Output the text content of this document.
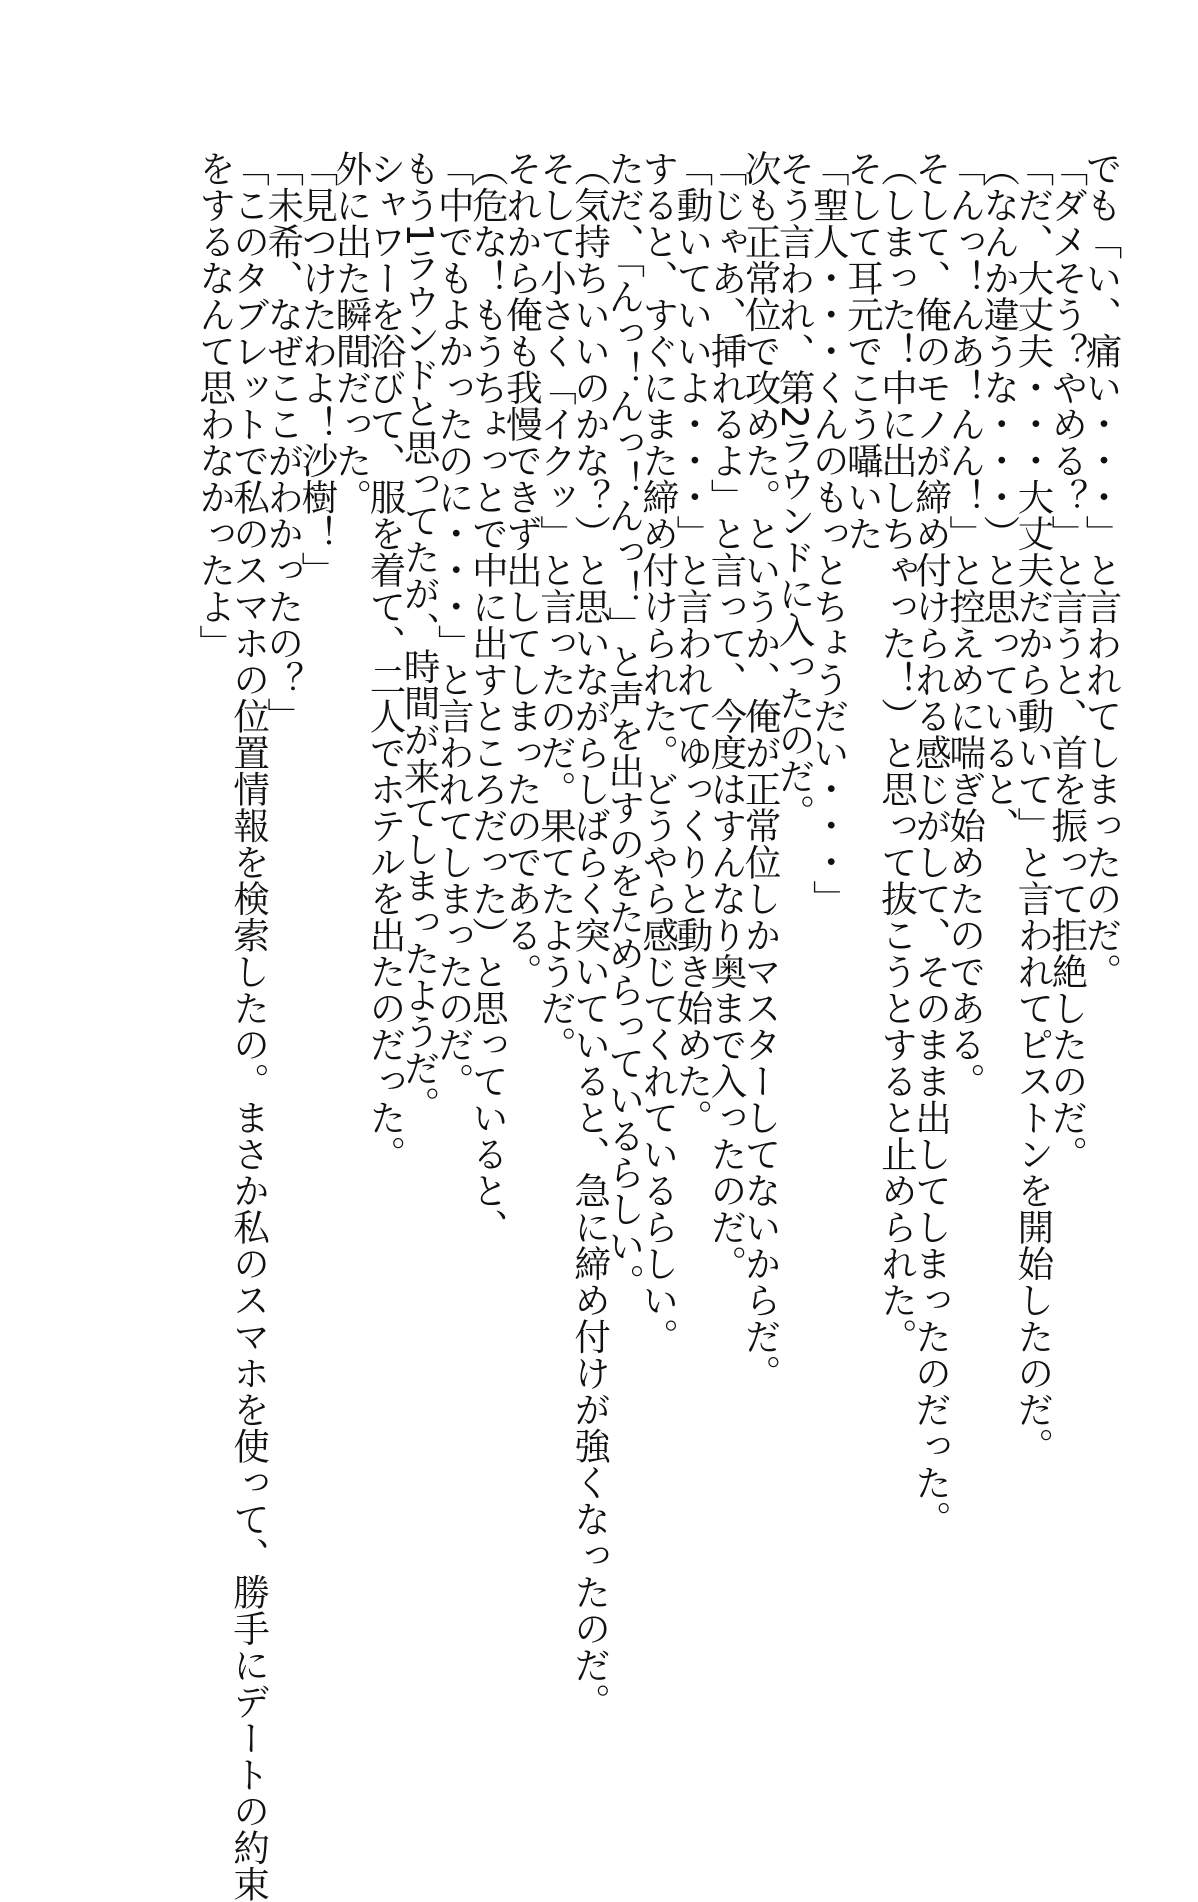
でも「い、痛い・・・」と言われてしまったのだ。
「ダメそう？やめる？」と言うと、首を振って拒絶したのだ。
「だ、大丈夫・・・大丈夫だから動いて」と言われてピストンを開始したのだ。
（なんか違うな・・・）と思っていると、
「んっ！んあ！んん！」と控えめに喘ぎ始めたのである。
そして、俺のモノが締め付けられる感じがして、そのまま出してしまったのだった。
（しまった！中に出しちゃった！）と思って抜こうとすると止められた。
そして耳元でこう囁いた
「聖人・・・くんのもっとちょうだい・・・」
そう言われ、第2ラウンドに入ったのだ。
次も正常位で攻めた。というか、俺が正常位しかマスターしてないからだ。
「じゃあ、挿れるよ」と言って、今度はすんなり奥まで入ったのだ。
「動いていいよ・・・」と言われてゆっくりと動き始めた。
すると、すぐにまた締め付けられた。どうやら感じてくれているらしい。
ただ、「んっ！んっ！んっ！」と声を出すのをためらっているらしい。
（気持ちいいのかな？）と思いながらしばらく突いていると、急に締め付けが強くなったのだ。
そして小さく「イクッ」と言ったのだ。果てたようだ。
それから俺も我慢できず出してしまったのである。
（危な！もうちょっとで中に出すところだった）と思っていると、
「中でもよかったのに・・・」と言われてしまったのだ。
もう1ラウンドと思ってたが、時間が来てしまったようだ。
シャワーを浴びて、服を着て、二人でホテルを出たのだった。
外に出た瞬間だった。
「見つけたわよ！沙樹！」
「未希、なぜここがわかったの？」
「このタブレットで私のスマホの位置情報を検索したの。まさか私のスマホを使って、勝手にデートの約束
をするなんて思わなかったよ」
